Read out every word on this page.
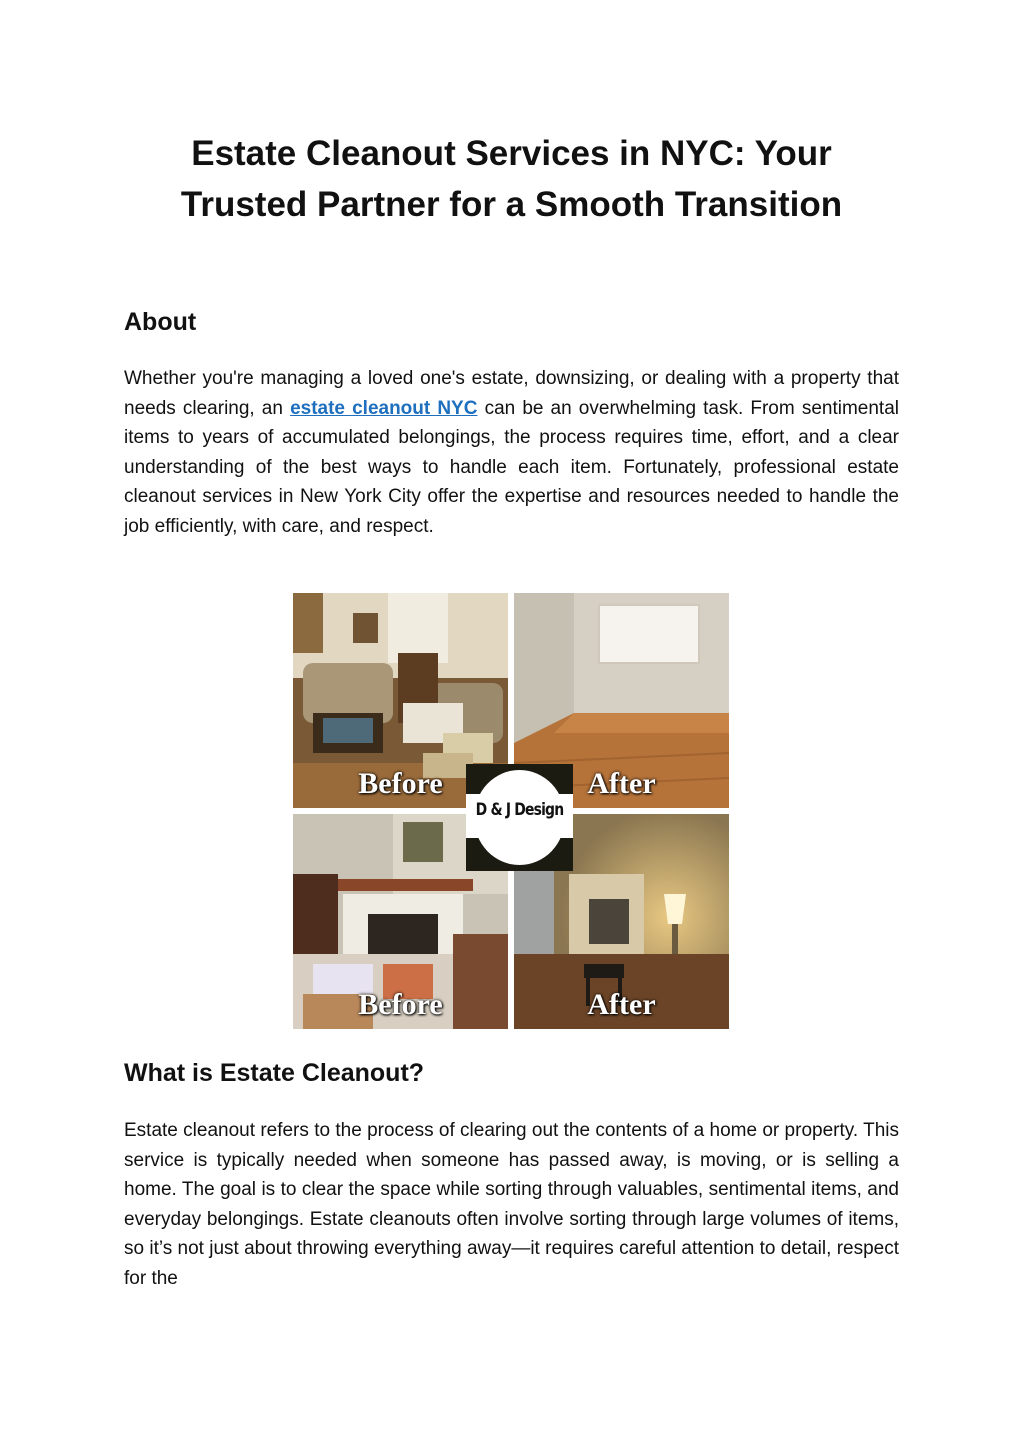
Estate Cleanout Services in NYC: Your
Trusted Partner for a Smooth Transition
About

Whether you're managing a loved one's estate, downsizing, or dealing with a property that needs clearing, an estate cleanout NYC can be an overwhelming task. From sentimental items to years of accumulated belongings, the process requires time, effort, and a clear understanding of the best ways to handle each item. Fortunately, professional estate cleanout services in New York City offer the expertise and resources needed to handle the job efficiently, with care, and respect.

Before	After
Before	After
D & J Design
What is Estate Cleanout?

Estate cleanout refers to the process of clearing out the contents of a home or property. This service is typically needed when someone has passed away, is moving, or is selling a home. The goal is to clear the space while sorting through valuables, sentimental items, and everyday belongings. Estate cleanouts often involve sorting through large volumes of items, so it’s not just about throwing everything away—it requires careful attention to detail, respect for the
